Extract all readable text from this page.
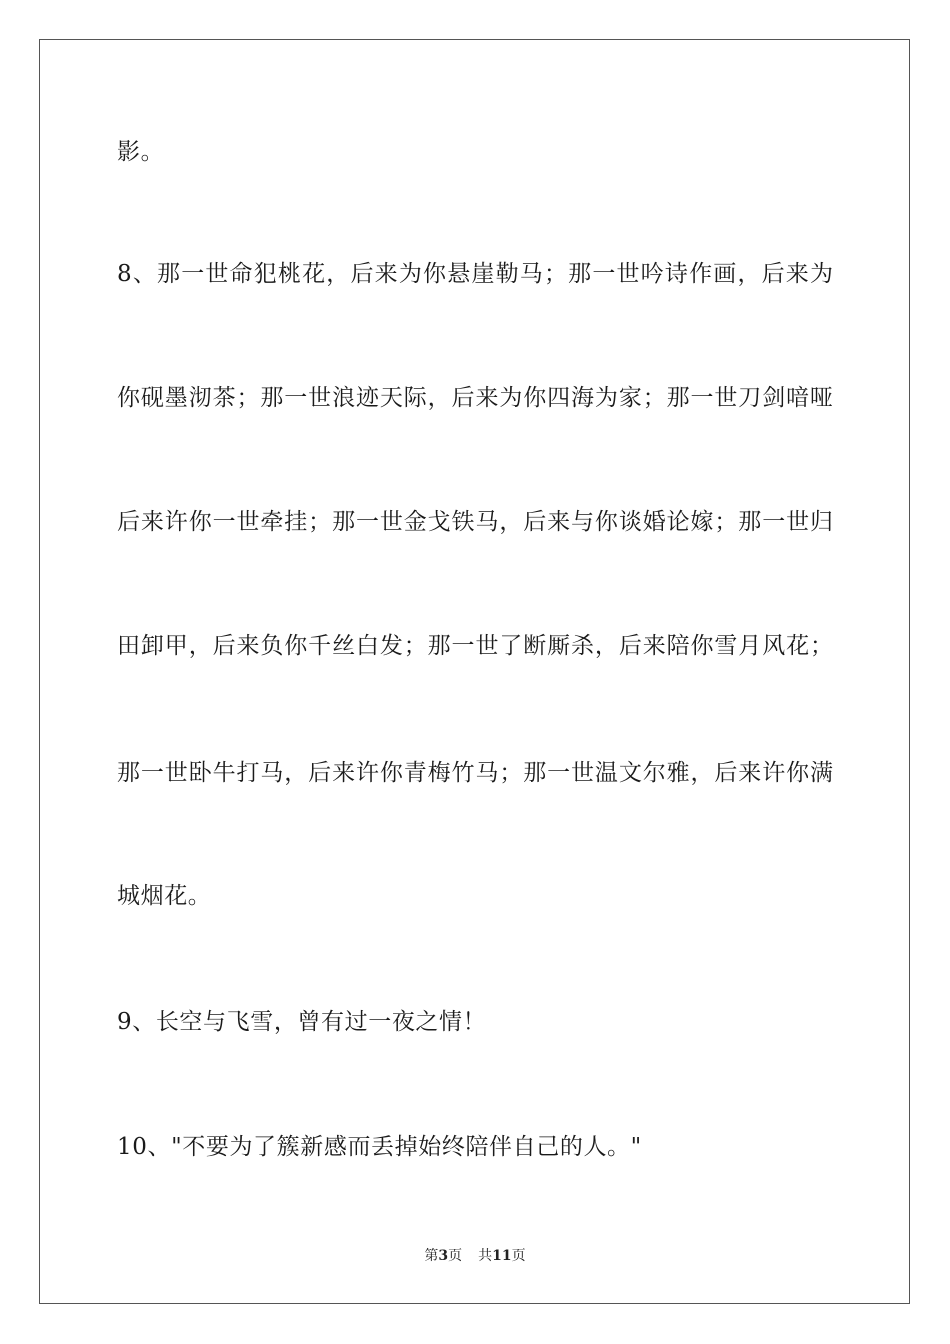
影。
8、那一世命犯桃花，后来为你悬崖勒马；那一世吟诗作画，后来为
你砚墨沏茶；那一世浪迹天际，后来为你四海为家；那一世刀剑喑哑
后来许你一世牵挂；那一世金戈铁马，后来与你谈婚论嫁；那一世归
田卸甲，后来负你千丝白发；那一世了断厮杀，后来陪你雪月风花；
那一世卧牛打马，后来许你青梅竹马；那一世温文尔雅，后来许你满
城烟花。
9、长空与飞雪，曾有过一夜之情！
10、"不要为了簇新感而丢掉始终陪伴自己的人。"
第3页 共11页
